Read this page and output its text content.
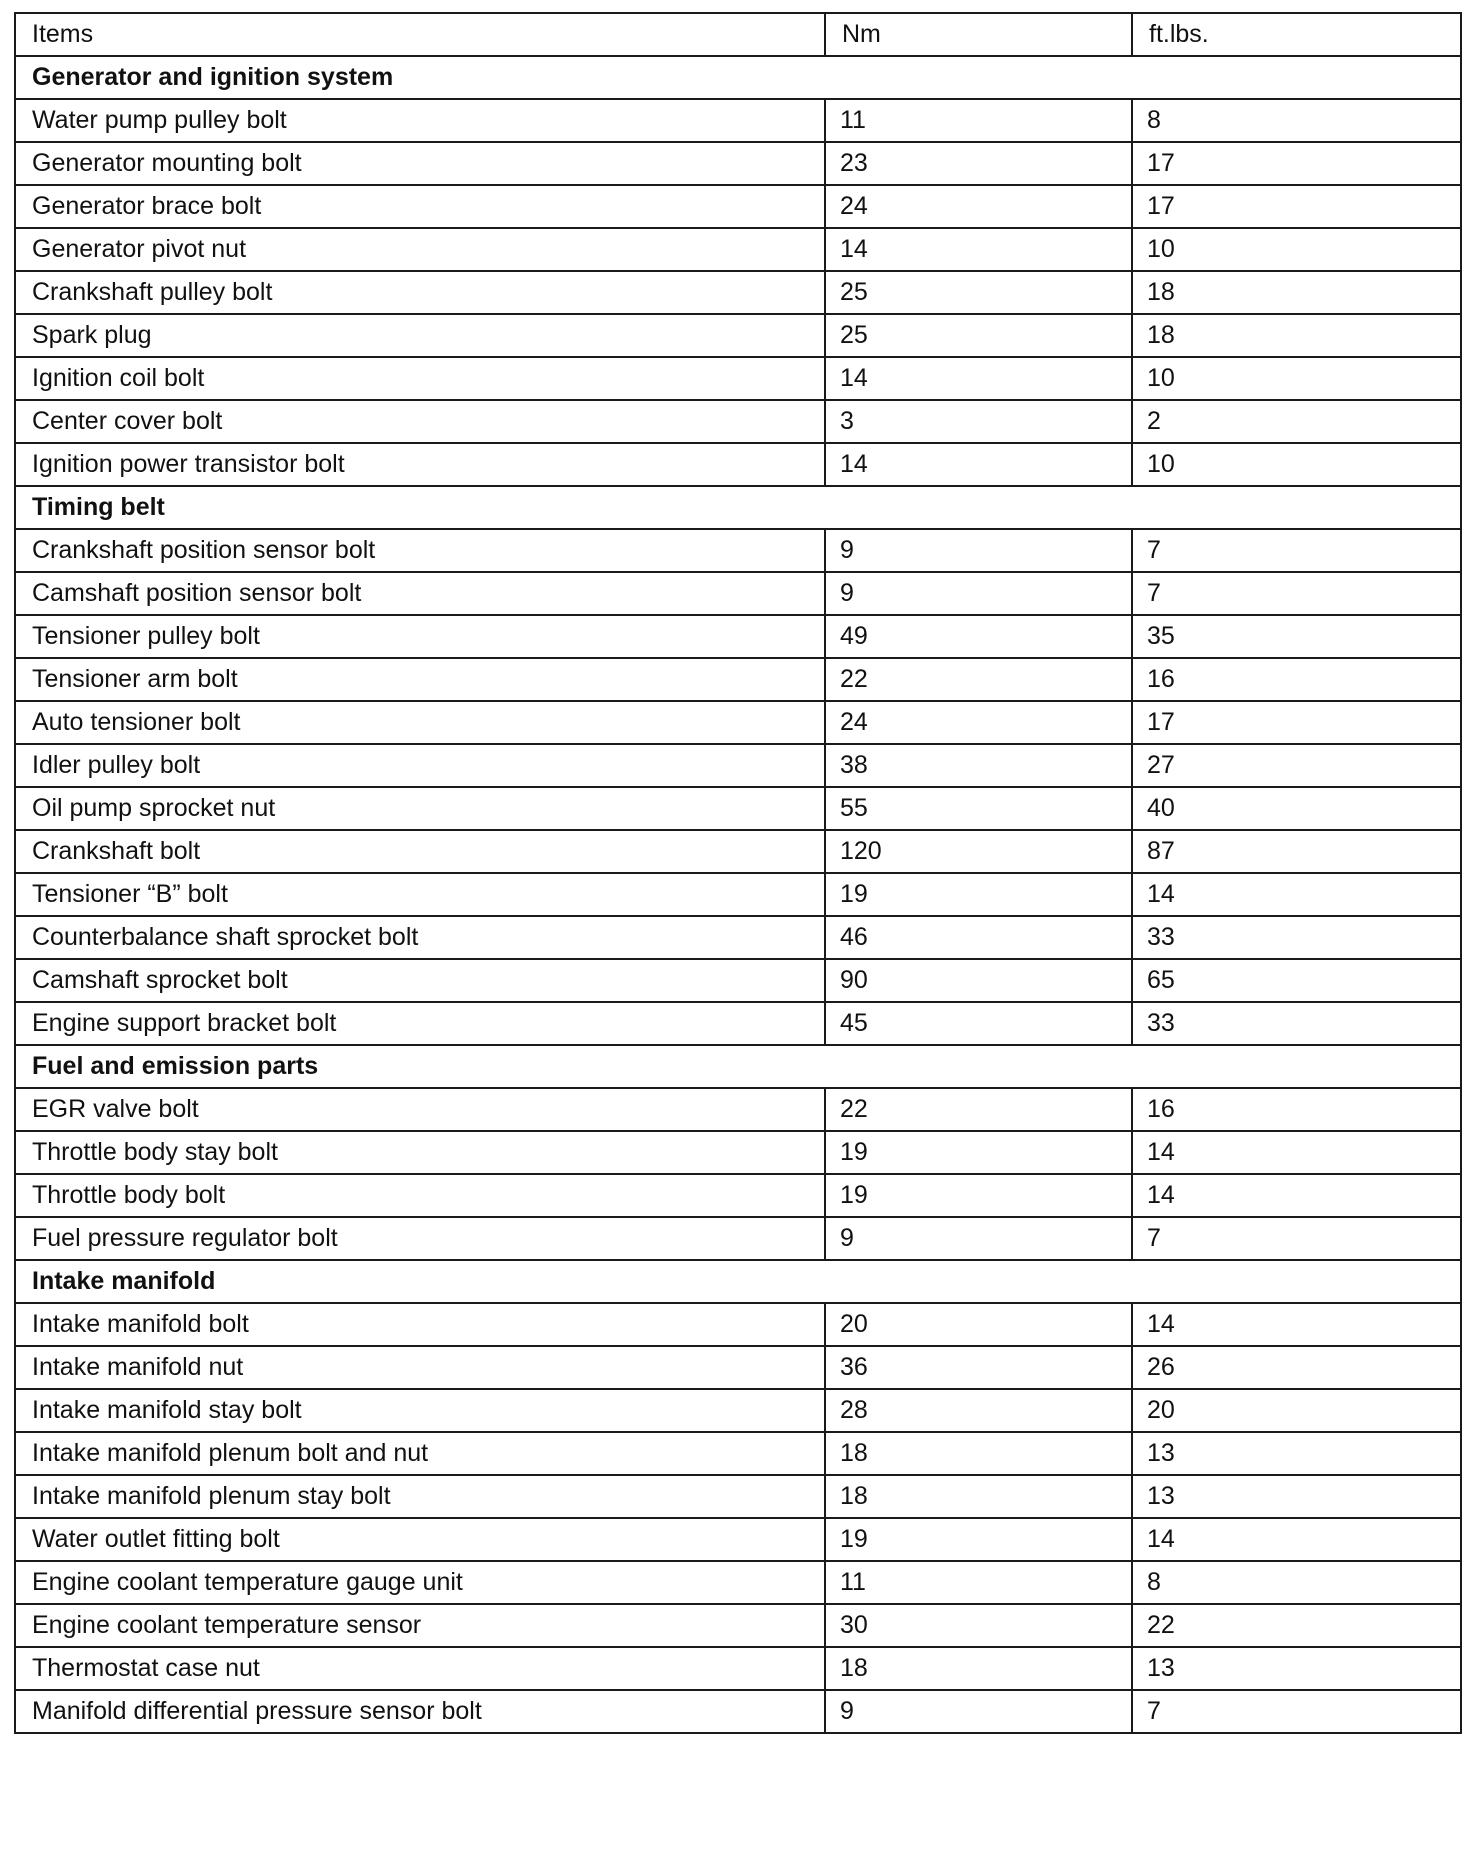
Items	Nm	ft.lbs.
Generator and ignition system		
Water pump pulley bolt	11	8
Generator mounting bolt	23	17
Generator brace bolt	24	17
Generator pivot nut	14	10
Crankshaft pulley bolt	25	18
Spark plug	25	18
Ignition coil bolt	14	10
Center cover bolt	3	2
Ignition power transistor bolt	14	10
Timing belt		
Crankshaft position sensor bolt	9	7
Camshaft position sensor bolt	9	7
Tensioner pulley bolt	49	35
Tensioner arm bolt	22	16
Auto tensioner bolt	24	17
Idler pulley bolt	38	27
Oil pump sprocket nut	55	40
Crankshaft bolt	120	87
Tensioner “B” bolt	19	14
Counterbalance shaft sprocket bolt	46	33
Camshaft sprocket bolt	90	65
Engine support bracket bolt	45	33
Fuel and emission parts		
EGR valve bolt	22	16
Throttle body stay bolt	19	14
Throttle body bolt	19	14
Fuel pressure regulator bolt	9	7
Intake manifold		
Intake manifold bolt	20	14
Intake manifold nut	36	26
Intake manifold stay bolt	28	20
Intake manifold plenum bolt and nut	18	13
Intake manifold plenum stay bolt	18	13
Water outlet fitting bolt	19	14
Engine coolant temperature gauge unit	11	8
Engine coolant temperature sensor	30	22
Thermostat case nut	18	13
Manifold differential pressure sensor bolt	9	7
